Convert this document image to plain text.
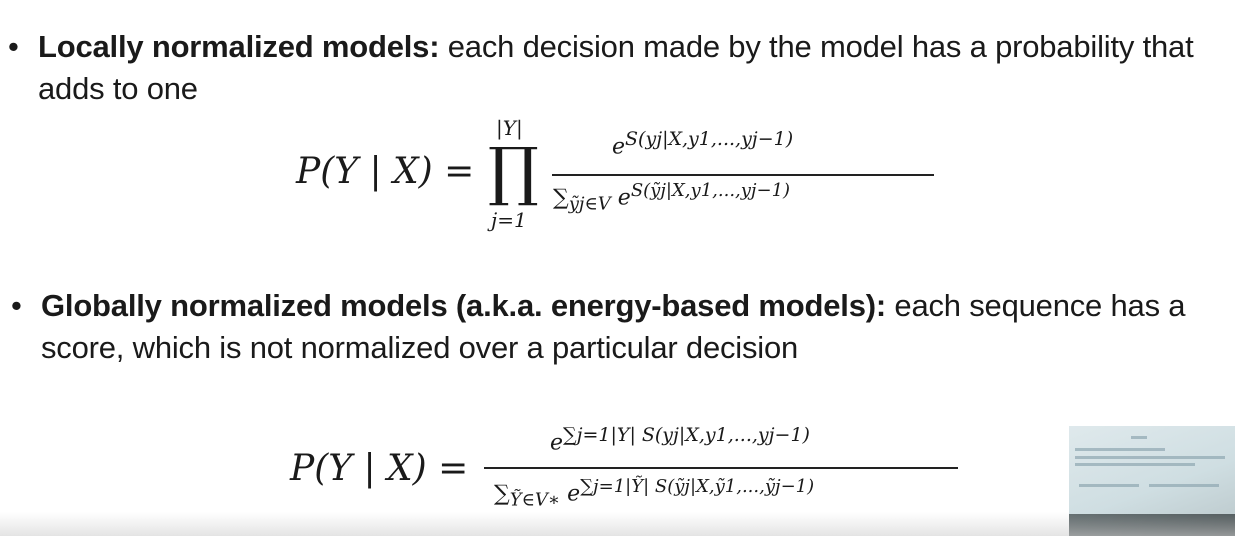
• Locally normalized models: each decision made by the model has a probability that adds to one
P(Y | X) =
|Y|
∏
j=1
$e^{S(yj|X,y1,...,yj-1)}$
$\sum_{ỹj\in V}$ $e^{S(ỹj|X,y1,...,yj-1)}$
• Globally normalized models (a.k.a. energy-based models): each sequence has a score, which is not normalized over a particular decision
P(Y | X) =
$e^{\sum j=1|Y| S(yj|X,y1,...,yj-1)}$
$\sum_{Ỹ\in V∗}$ $e^{\sum j=1|Ỹ| S(ỹj|X,ỹ1,...,ỹj-1)}$
